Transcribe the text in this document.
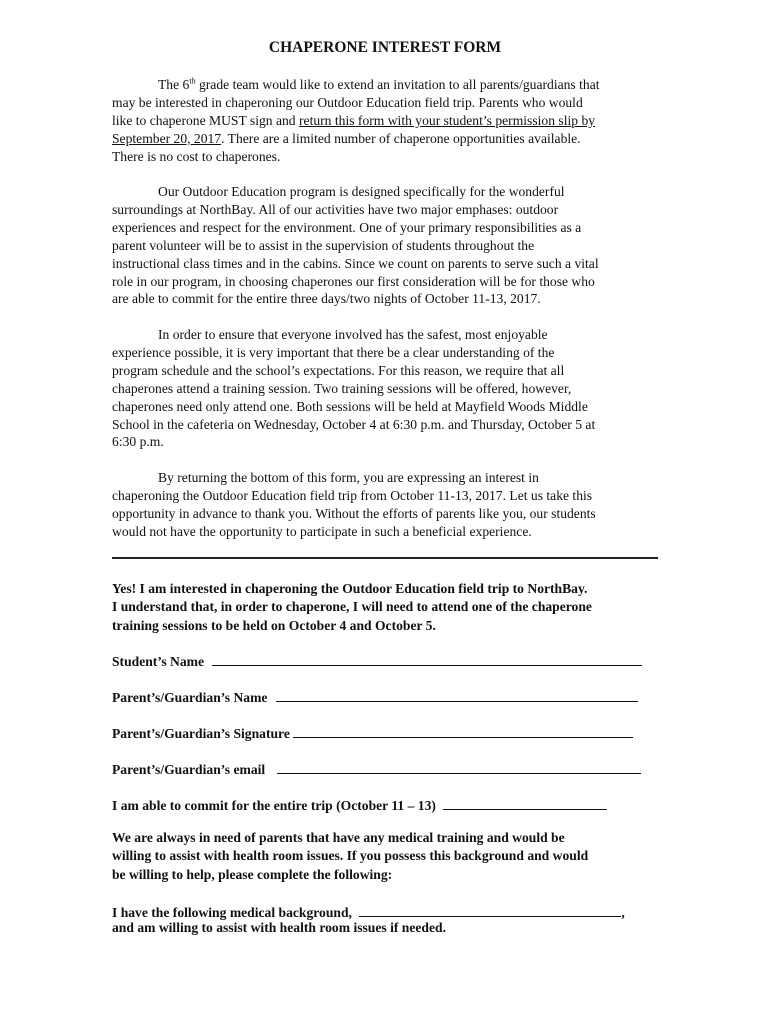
CHAPERONE INTEREST FORM
The 6th grade team would like to extend an invitation to all parents/guardians that
may be interested in chaperoning our Outdoor Education field trip. Parents who would
like to chaperone MUST sign and return this form with your student’s permission slip by
September 20, 2017. There are a limited number of chaperone opportunities available.
There is no cost to chaperones.
Our Outdoor Education program is designed specifically for the wonderful
surroundings at NorthBay. All of our activities have two major emphases: outdoor
experiences and respect for the environment. One of your primary responsibilities as a
parent volunteer will be to assist in the supervision of students throughout the
instructional class times and in the cabins. Since we count on parents to serve such a vital
role in our program, in choosing chaperones our first consideration will be for those who
are able to commit for the entire three days/two nights of October 11-13, 2017.
In order to ensure that everyone involved has the safest, most enjoyable
experience possible, it is very important that there be a clear understanding of the
program schedule and the school’s expectations. For this reason, we require that all
chaperones attend a training session. Two training sessions will be offered, however,
chaperones need only attend one. Both sessions will be held at Mayfield Woods Middle
School in the cafeteria on Wednesday, October 4 at 6:30 p.m. and Thursday, October 5 at
6:30 p.m.
By returning the bottom of this form, you are expressing an interest in
chaperoning the Outdoor Education field trip from October 11-13, 2017. Let us take this
opportunity in advance to thank you. Without the efforts of parents like you, our students
would not have the opportunity to participate in such a beneficial experience.
Yes! I am interested in chaperoning the Outdoor Education field trip to NorthBay.
I understand that, in order to chaperone, I will need to attend one of the chaperone
training sessions to be held on October 4 and October 5.
Student’s Name
Parent’s/Guardian’s Name
Parent’s/Guardian’s Signature
Parent’s/Guardian’s email
I am able to commit for the entire trip (October 11 – 13)
We are always in need of parents that have any medical training and would be
willing to assist with health room issues. If you possess this background and would
be willing to help, please complete the following:
I have the following medical background,	,
and am willing to assist with health room issues if needed.
